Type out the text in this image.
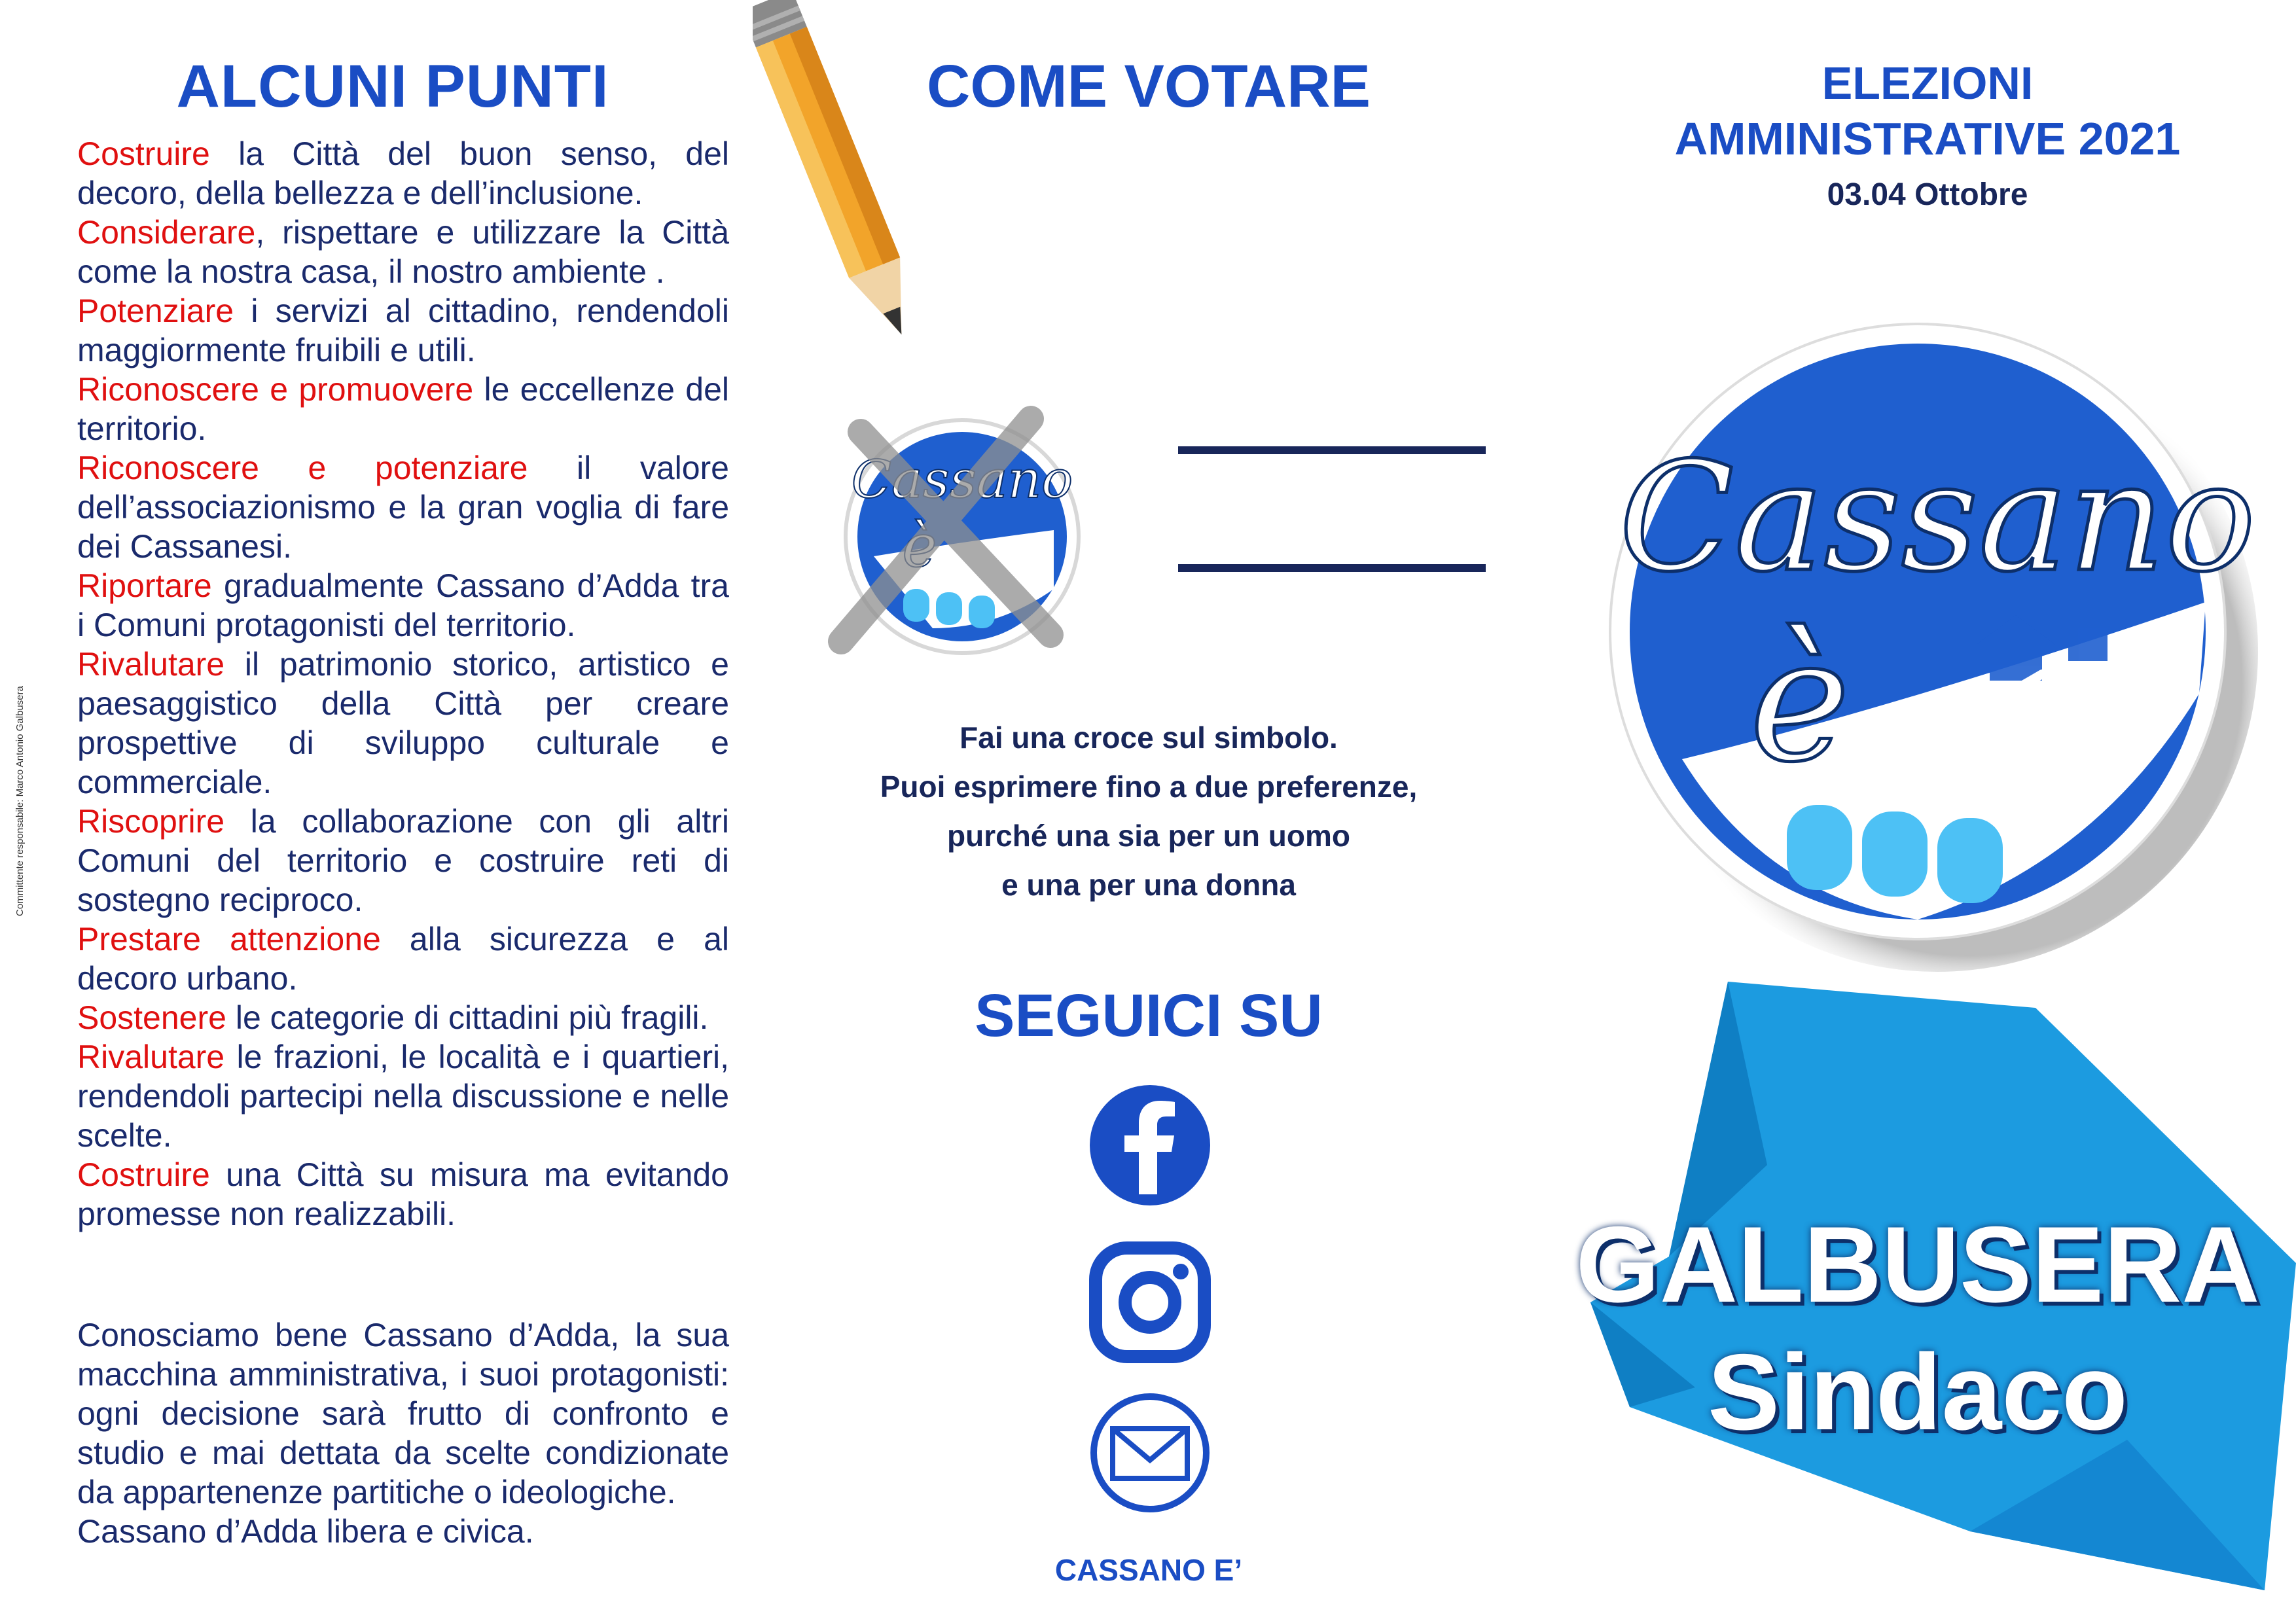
ALCUNI PUNTI

Costruire la Città del buon senso, del decoro, della bellezza e dell’inclusione.

Considerare, rispettare e utilizzare la Città come la nostra casa, il nostro ambiente .

Potenziare i servizi al cittadino, rendendoli maggiormente fruibili e utili.

Riconoscere e promuovere le eccellenze del territorio.

Riconoscere e potenziare il valore dell’associazionismo e la gran voglia di fare dei Cassanesi.

Riportare gradualmente Cassano d’Adda tra i Comuni protagonisti del territorio.

Rivalutare il patrimonio storico, artistico e paesaggistico della Città per creare prospettive di sviluppo culturale e commerciale.

Riscoprire la collaborazione con gli altri Comuni del territorio e costruire reti di sostegno reciproco.

Prestare attenzione alla sicurezza e al decoro urbano.

Sostenere le categorie di cittadini più fragili.

Rivalutare le frazioni, le località e i quartieri, rendendoli partecipi nella discussione e nelle scelte.

Costruire una Città su misura ma evitando promesse non realizzabili.

Conosciamo bene Cassano d’Adda, la sua macchina amministrativa, i suoi protagonisti: ogni decisione sarà frutto di confronto e studio e mai dettata da scelte condizionate da appartenenze partitiche o ideologiche.

Cassano d’Adda libera e civica.

Committente responsabile: Marco Antonio Galbusera
Cassano
è
COME VOTARE

Fai una croce sul simbolo.

Puoi esprimere fino a due preferenze,

purché una sia per un uomo

e una per una donna

SEGUICI SU
CASSANO E’
ELEZIONI
AMMINISTRATIVE 2021
03.04 Ottobre
Cassano
è
GALBUSERA
Sindaco
